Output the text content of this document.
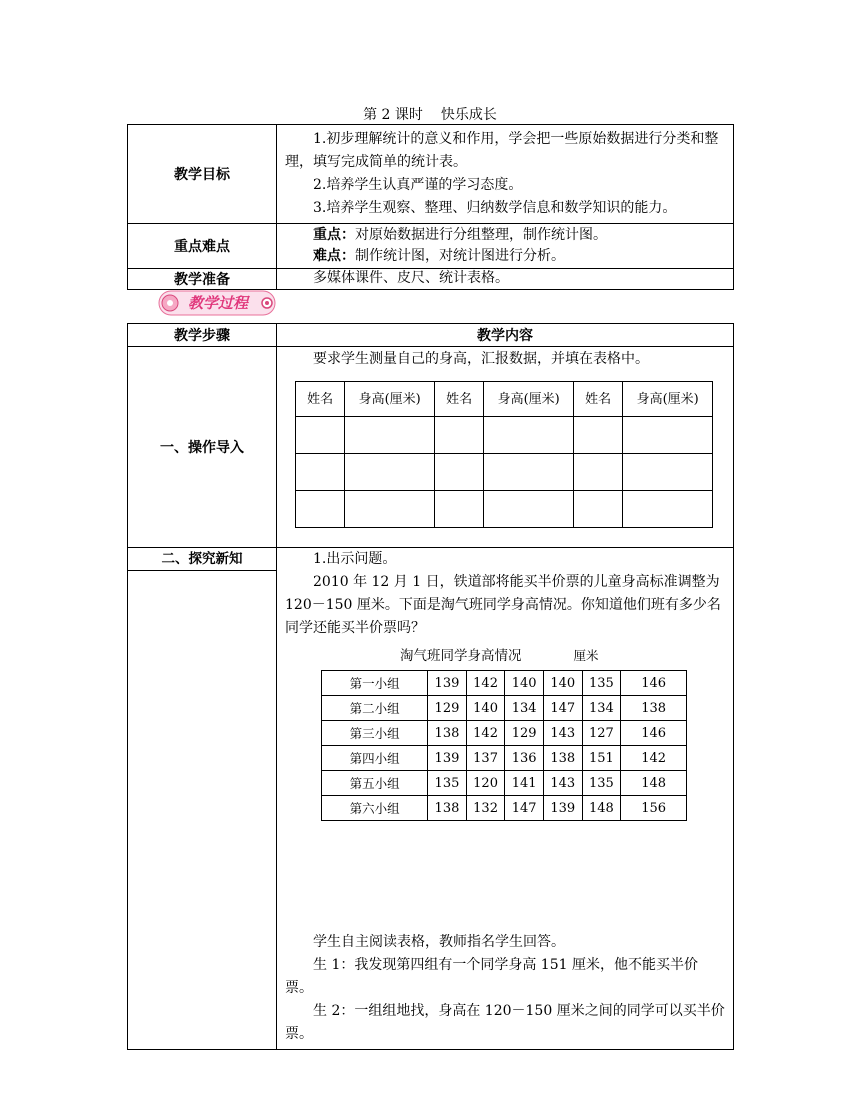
第 2 课时 快乐成长
教学目标	1.初步理解统计的意义和作用，学会把一些原始数据进行分类和整理，填写完成简单的统计表。
2.培养学生认真严谨的学习态度。
3.培养学生观察、整理、归纳数学信息和数学知识的能力。

重点难点	重点：对原始数据进行分组整理，制作统计图。
难点：制作统计图，对统计图进行分析。

教学准备	多媒体课件、皮尺、统计表格。
教学过程
教学步骤	教学内容
一、操作导入	
要求学生测量自己的身高，汇报数据，并填在表格中。
姓名	身高(厘米)	姓名	身高(厘米)	姓名	身高(厘米)

二、探究新知	1.出示问题。
2010 年 12 月 1 日，铁道部将能买半价票的儿童身高标准调整为 120－150 厘米。下面是淘气班同学身高情况。你知道他们班有多少名同学还能买半价票吗？
淘气班同学身高情况	厘米
第一小组	139	142	140	140	135	146
第二小组	129	140	134	147	134	138
第三小组	138	142	129	143	127	146
第四小组	139	137	136	138	151	142
第五小组	135	120	141	143	135	148
第六小组	138	132	147	139	148	156
学生自主阅读表格，教师指名学生回答。
生 1：我发现第四组有一个同学身高 151 厘米，他不能买半价票。
生 2：一组组地找，身高在 120－150 厘米之间的同学可以买半价票。
